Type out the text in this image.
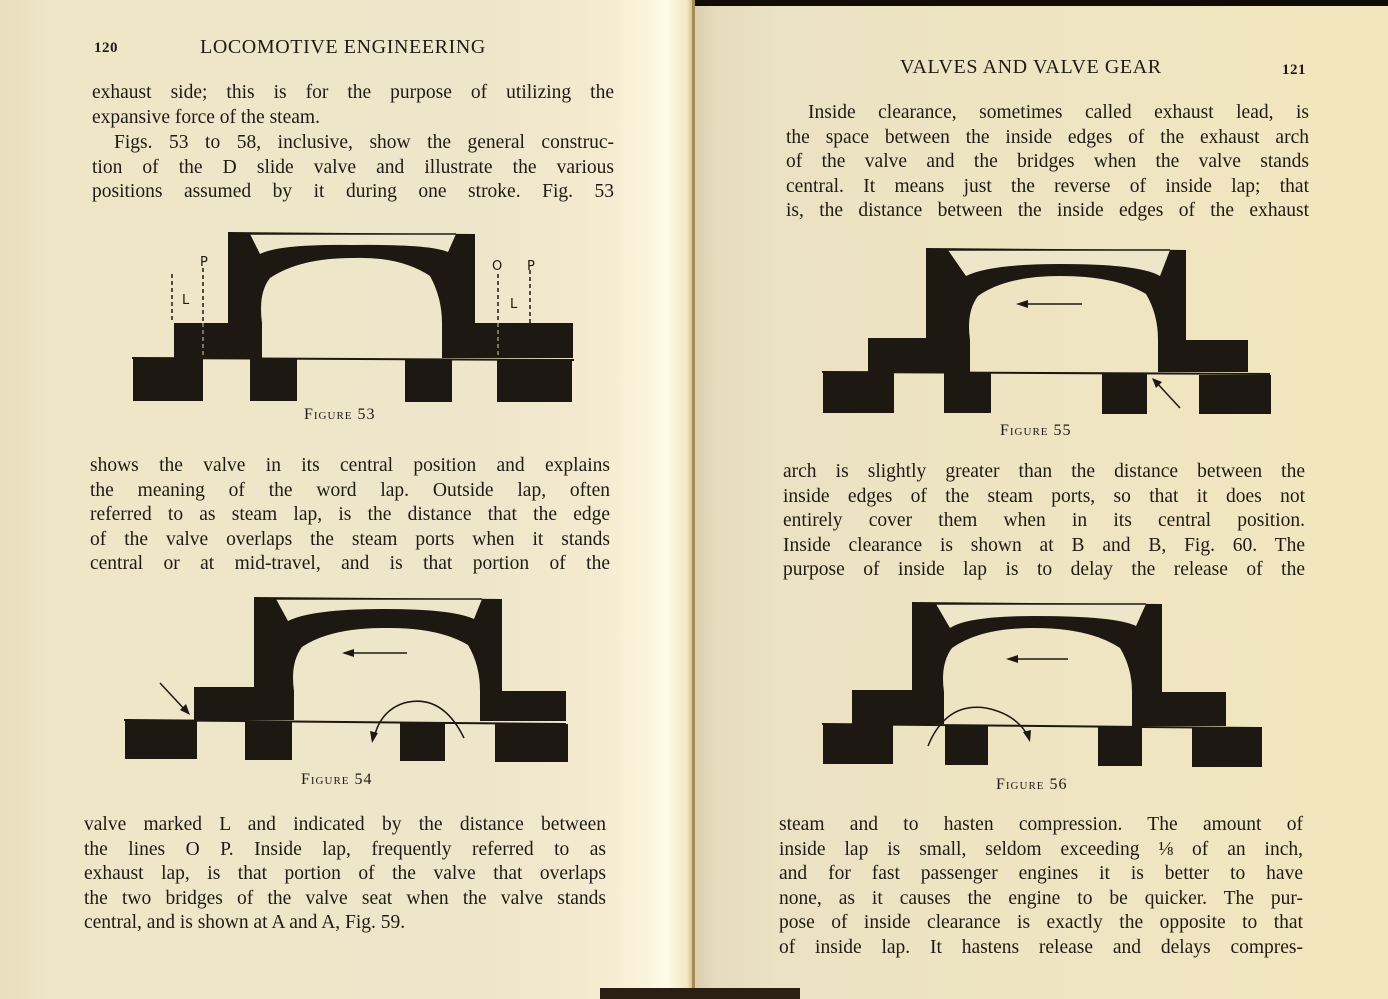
120	LOCOMOTIVE ENGINEERING
exhaust side; this is for the purpose of utilizing the
expansive force of the steam.
Figs. 53 to 58, inclusive, show the general construc-
tion of the D slide valve and illustrate the various
positions assumed by it during one stroke. Fig. 53
P
L
O P
L
Figure 53
shows the valve in its central position and explains
the meaning of the word lap. Outside lap, often
referred to as steam lap, is the distance that the edge
of the valve overlaps the steam ports when it stands
central or at mid-travel, and is that portion of the
Figure 54
valve marked L and indicated by the distance between
the lines O P. Inside lap, frequently referred to as
exhaust lap, is that portion of the valve that overlaps
the two bridges of the valve seat when the valve stands
central, and is shown at A and A, Fig. 59.
VALVES AND VALVE GEAR	121
Inside clearance, sometimes called exhaust lead, is
the space between the inside edges of the exhaust arch
of the valve and the bridges when the valve stands
central. It means just the reverse of inside lap; that
is, the distance between the inside edges of the exhaust
Figure 55
arch is slightly greater than the distance between the
inside edges of the steam ports, so that it does not
entirely cover them when in its central position.
Inside clearance is shown at B and B, Fig. 60. The
purpose of inside lap is to delay the release of the
Figure 56
steam and to hasten compression. The amount of
inside lap is small, seldom exceeding ⅛ of an inch,
and for fast passenger engines it is better to have
none, as it causes the engine to be quicker. The pur-
pose of inside clearance is exactly the opposite to that
of inside lap. It hastens release and delays compres-
